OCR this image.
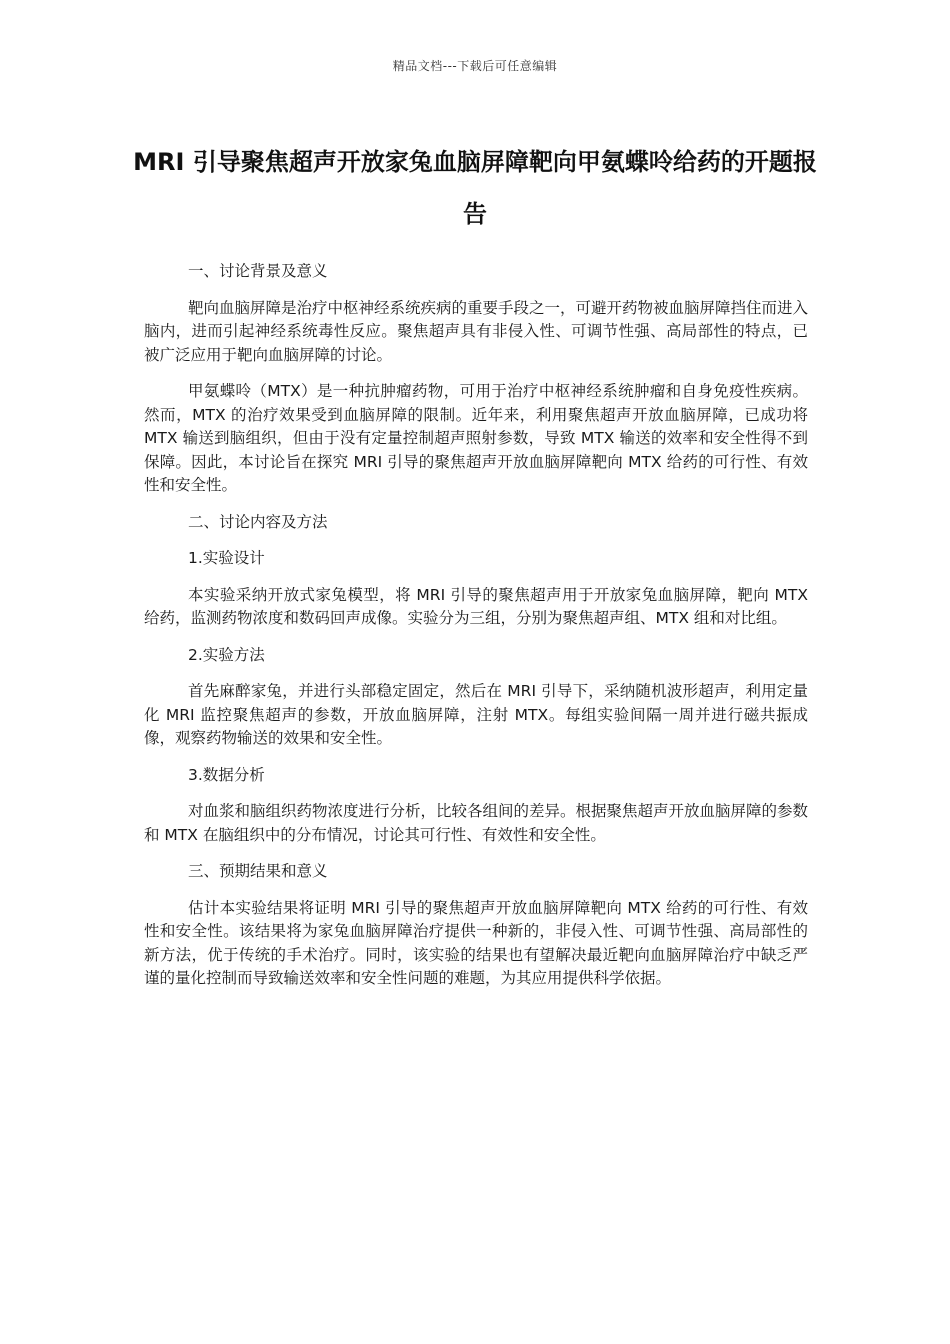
精品文档---下载后可任意编辑
MRI 引导聚焦超声开放家兔血脑屏障靶向甲氨蝶呤给药的开题报告

一、讨论背景及意义

靶向血脑屏障是治疗中枢神经系统疾病的重要手段之一，可避开药物被血脑屏障挡住而进入脑内，进而引起神经系统毒性反应。聚焦超声具有非侵入性、可调节性强、高局部性的特点，已被广泛应用于靶向血脑屏障的讨论。

甲氨蝶呤（MTX）是一种抗肿瘤药物，可用于治疗中枢神经系统肿瘤和自身免疫性疾病。然而，MTX 的治疗效果受到血脑屏障的限制。近年来，利用聚焦超声开放血脑屏障，已成功将 MTX 输送到脑组织，但由于没有定量控制超声照射参数，导致 MTX 输送的效率和安全性得不到保障。因此，本讨论旨在探究 MRI 引导的聚焦超声开放血脑屏障靶向 MTX 给药的可行性、有效性和安全性。

二、讨论内容及方法

1.实验设计

本实验采纳开放式家兔模型，将 MRI 引导的聚焦超声用于开放家兔血脑屏障，靶向 MTX 给药，监测药物浓度和数码回声成像。实验分为三组，分别为聚焦超声组、MTX 组和对比组。

2.实验方法

首先麻醉家兔，并进行头部稳定固定，然后在 MRI 引导下，采纳随机波形超声，利用定量化 MRI 监控聚焦超声的参数，开放血脑屏障，注射 MTX。每组实验间隔一周并进行磁共振成像，观察药物输送的效果和安全性。

3.数据分析

对血浆和脑组织药物浓度进行分析，比较各组间的差异。根据聚焦超声开放血脑屏障的参数和 MTX 在脑组织中的分布情况，讨论其可行性、有效性和安全性。

三、预期结果和意义

估计本实验结果将证明 MRI 引导的聚焦超声开放血脑屏障靶向 MTX 给药的可行性、有效性和安全性。该结果将为家兔血脑屏障治疗提供一种新的，非侵入性、可调节性强、高局部性的新方法，优于传统的手术治疗。同时，该实验的结果也有望解决最近靶向血脑屏障治疗中缺乏严谨的量化控制而导致输送效率和安全性问题的难题，为其应用提供科学依据。
